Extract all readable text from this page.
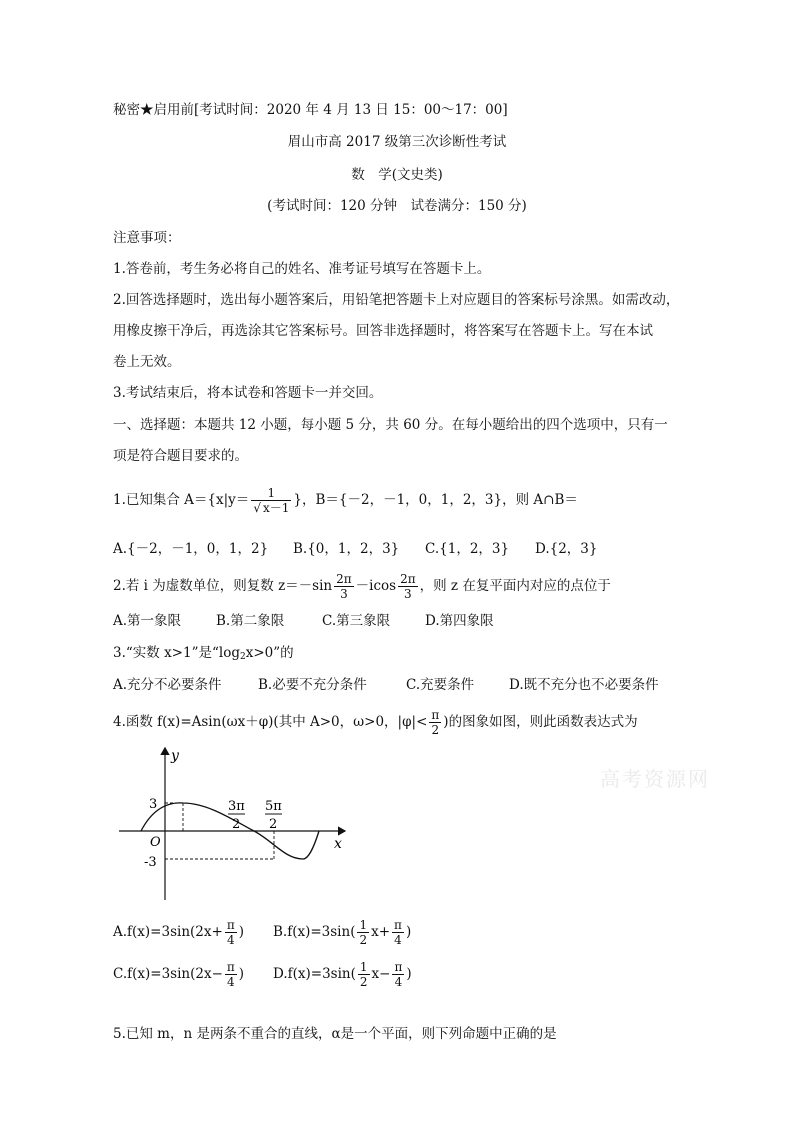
秘密★启用前[考试时间：2020 年 4 月 13 日 15：00～17：00]
眉山市高 2017 级第三次诊断性考试
数　学(文史类)
(考试时间：120 分钟　试卷满分：150 分)
注意事项：
1.答卷前，考生务必将自己的姓名、准考证号填写在答题卡上。
2.回答选择题时，选出每小题答案后，用铅笔把答题卡上对应题目的答案标号涂黑。如需改动，
用橡皮擦干净后，再选涂其它答案标号。回答非选择题时，将答案写在答题卡上。写在本试
卷上无效。
3.考试结束后，将本试卷和答题卡一并交回。
一、选择题：本题共 12 小题，每小题 5 分，共 60 分。在每小题给出的四个选项中，只有一
项是符合题目要求的。
1.已知集合 $A=\{x|y= \frac{1}{√ x-1}$ }，B＝{－2，－1，0，1，2，3}，则 A∩B＝
A.{－2，－1，0，1，2} B.{0，1，2，3} C.{1，2，3} D.{2，3}
2.若 i 为虚数单位，则复数 $z=-\sin \frac{2\pi}{3} -icos \frac{2\pi}{3}$ ，则 z 在复平面内对应的点位于
A.第一象限	B.第二象限	C.第三象限	D.第四象限
3.“实数 x>1”是“$\log_2x>0$”的
A.充分不必要条件	B.必要不充分条件	C.充要条件	D.既不充分也不必要条件
4.函数 f(x)=Asin(ωx＋φ)(其中 A>0，ω>0，$|\varphi|< \frac{\pi}{2}$ )的图象如图，则此函数表达式为
y
x
O
3
-3
3π
2
5π
2
高考资源网
$A.f(x)=3\sin(2x+ \frac{\pi}{4}$ ) $B.f(x)=3\sin( \frac{1}{2} x+ \frac{\pi}{4}$ )
$C.f(x)=3\sin(2x- \frac{\pi}{4}$ ) $D.f(x)=3\sin( \frac{1}{2} x- \frac{\pi}{4}$ )
5.已知 m，n 是两条不重合的直线，α是一个平面，则下列命题中正确的是
